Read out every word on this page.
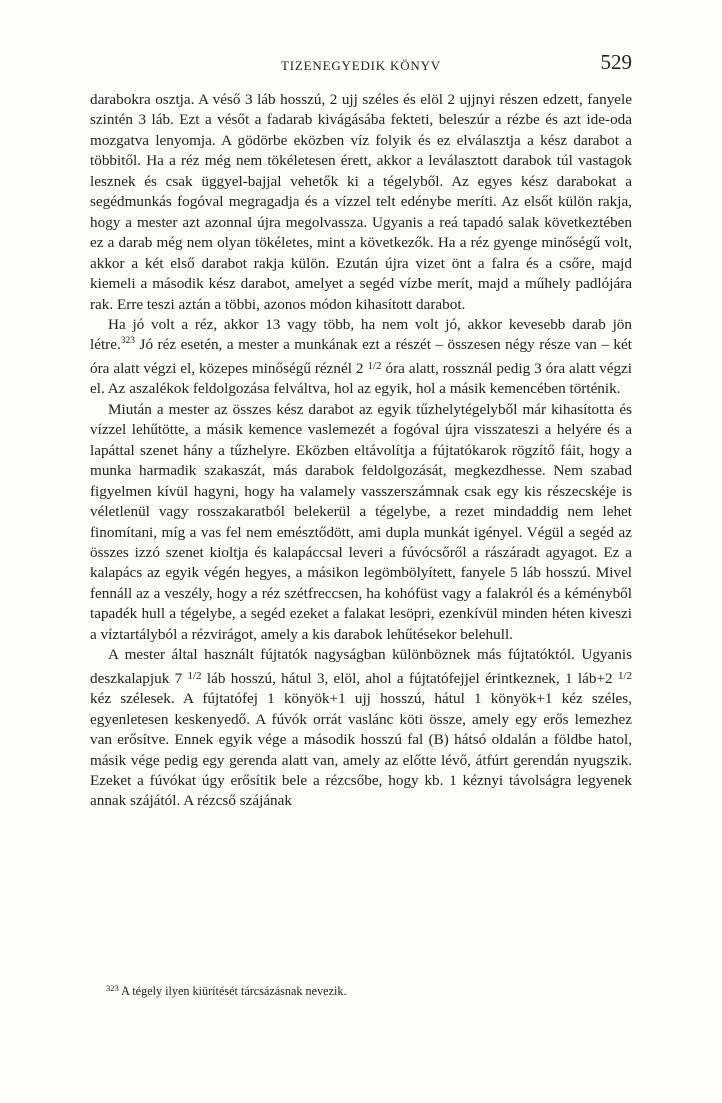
TIZENEGYEDIK KÖNYV	529

darabokra osztja. A véső 3 láb hosszú, 2 ujj széles és elöl 2 ujjnyi részen edzett, fanyele szintén 3 láb. Ezt a vésőt a fadarab kivágásába fekteti, beleszúr a rézbe és azt ide-oda mozgatva lenyomja. A gödörbe eközben víz folyik és ez elválasztja a kész darabot a többitől. Ha a réz még nem tökéletesen érett, akkor a leválasztott darabok túl vastagok lesznek és csak üggyel-bajjal vehetők ki a tégelyből. Az egyes kész darabokat a segédmunkás fogóval megragadja és a vízzel telt edénybe meríti. Az elsőt külön rakja, hogy a mester azt azonnal újra megolvassza. Ugyanis a reá tapadó salak következtében ez a darab még nem olyan tökéletes, mint a következők. Ha a réz gyenge minőségű volt, akkor a két első darabot rakja külön. Ezután újra vizet önt a falra és a csőre, majd kiemeli a második kész darabot, amelyet a segéd vízbe merít, majd a műhely padlójára rak. Erre teszi aztán a többi, azonos módon kihasított darabot.

Ha jó volt a réz, akkor 13 vagy több, ha nem volt jó, akkor kevesebb darab jön létre.$^{323}$ Jó réz esetén, a mester a munkának ezt a részét – összesen négy része van – két óra alatt végzi el, közepes minőségű réznél 2 $^{1/2}$ óra alatt, rossznál pedig 3 óra alatt végzi el. Az aszalékok feldolgozása felváltva, hol az egyik, hol a másik kemencében történik.

Miután a mester az összes kész darabot az egyik tűzhelytégelyből már kihasította és vízzel lehűtötte, a másik kemence vaslemezét a fogóval újra visszateszi a helyére és a lapáttal szenet hány a tűzhelyre. Eközben eltávolítja a fújtatókarok rögzítő fáit, hogy a munka harmadik szakaszát, más darabok feldolgozását, megkezdhesse. Nem szabad figyelmen kívül hagyni, hogy ha valamely vasszerszámnak csak egy kis részecskéje is véletlenül vagy rosszakaratból belekerül a tégelybe, a rezet mindaddig nem lehet finomítani, míg a vas fel nem emésztődött, ami dupla munkát igényel. Végül a segéd az összes izzó szenet kioltja és kalapáccsal leveri a fúvócsőről a rászáradt agyagot. Ez a kalapács az egyik végén hegyes, a másikon legömbölyített, fanyele 5 láb hosszú. Mivel fennáll az a veszély, hogy a réz szétfreccsen, ha kohófüst vagy a falakról és a kéményből tapadék hull a tégelybe, a segéd ezeket a falakat lesöpri, ezenkívül minden héten kiveszi a víztartályból a rézvirágot, amely a kis darabok lehűtésekor belehull.

A mester által használt fújtatók nagyságban különböznek más fújtatóktól. Ugyanis deszkalapjuk 7 $^{1/2}$ láb hosszú, hátul 3, elöl, ahol a fújtatófejjel érintkeznek, 1 láb+2 $^{1/2}$ kéz szélesek. A fújtatófej 1 könyök+1 ujj hosszú, hátul 1 könyök+1 kéz széles, egyenletesen keskenyedő. A fúvók orrát vaslánc köti össze, amely egy erős lemezhez van erősítve. Ennek egyik vége a második hosszú fal (B) hátsó oldalán a földbe hatol, másik vége pedig egy gerenda alatt van, amely az előtte lévő, átfúrt gerendán nyugszik. Ezeket a fúvókat úgy erősítik bele a rézcsőbe, hogy kb. 1 kéznyi távolságra legyenek annak szájától. A rézcső szájának

$^{323}$ A tégely ilyen kiürítését tárcsázásnak nevezik.
